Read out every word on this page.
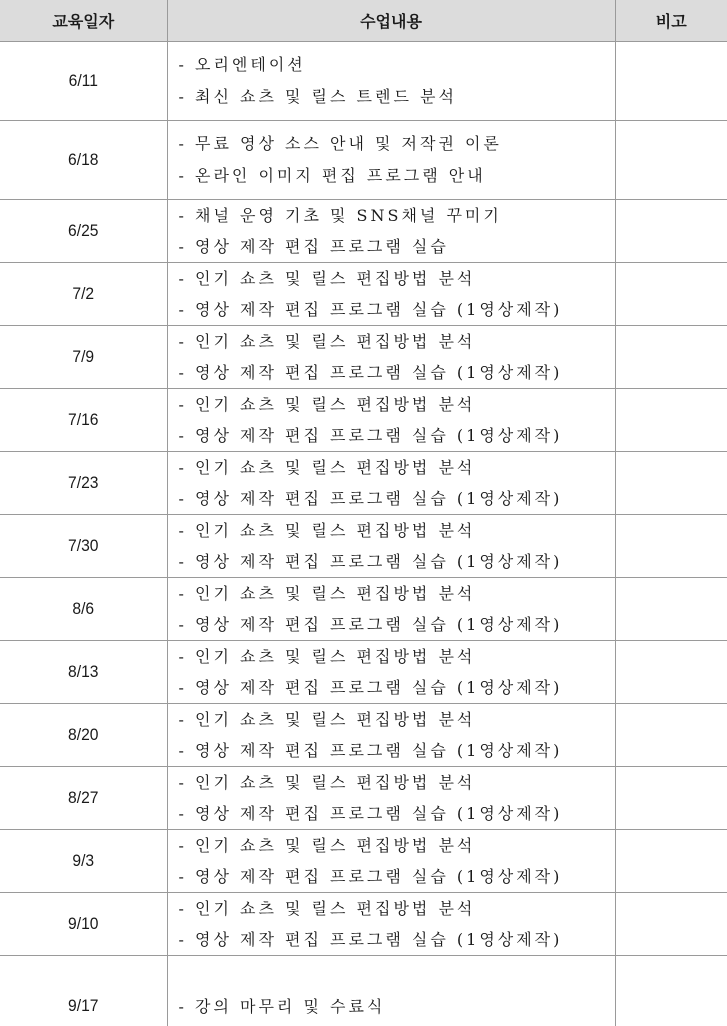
교육일자	수업내용	비고
6/11	- 오리엔테이션
- 최신 쇼츠 및 릴스 트렌드 분석	

6/18	- 무료 영상 소스 안내 및 저작권 이론
- 온라인 이미지 편집 프로그램 안내	

6/25	- 채널 운영 기초 및 SNS채널 꾸미기
- 영상 제작 편집 프로그램 실습	

7/2	- 인기 쇼츠 및 릴스 편집방법 분석
- 영상 제작 편집 프로그램 실습 (1영상제작)	

7/9	- 인기 쇼츠 및 릴스 편집방법 분석
- 영상 제작 편집 프로그램 실습 (1영상제작)	

7/16	- 인기 쇼츠 및 릴스 편집방법 분석
- 영상 제작 편집 프로그램 실습 (1영상제작)	

7/23	- 인기 쇼츠 및 릴스 편집방법 분석
- 영상 제작 편집 프로그램 실습 (1영상제작)	

7/30	- 인기 쇼츠 및 릴스 편집방법 분석
- 영상 제작 편집 프로그램 실습 (1영상제작)	

8/6	- 인기 쇼츠 및 릴스 편집방법 분석
- 영상 제작 편집 프로그램 실습 (1영상제작)	

8/13	- 인기 쇼츠 및 릴스 편집방법 분석
- 영상 제작 편집 프로그램 실습 (1영상제작)	

8/20	- 인기 쇼츠 및 릴스 편집방법 분석
- 영상 제작 편집 프로그램 실습 (1영상제작)	

8/27	- 인기 쇼츠 및 릴스 편집방법 분석
- 영상 제작 편집 프로그램 실습 (1영상제작)	

9/3	- 인기 쇼츠 및 릴스 편집방법 분석
- 영상 제작 편집 프로그램 실습 (1영상제작)	

9/10	- 인기 쇼츠 및 릴스 편집방법 분석
- 영상 제작 편집 프로그램 실습 (1영상제작)	

9/17	- 강의 마무리 및 수료식	
